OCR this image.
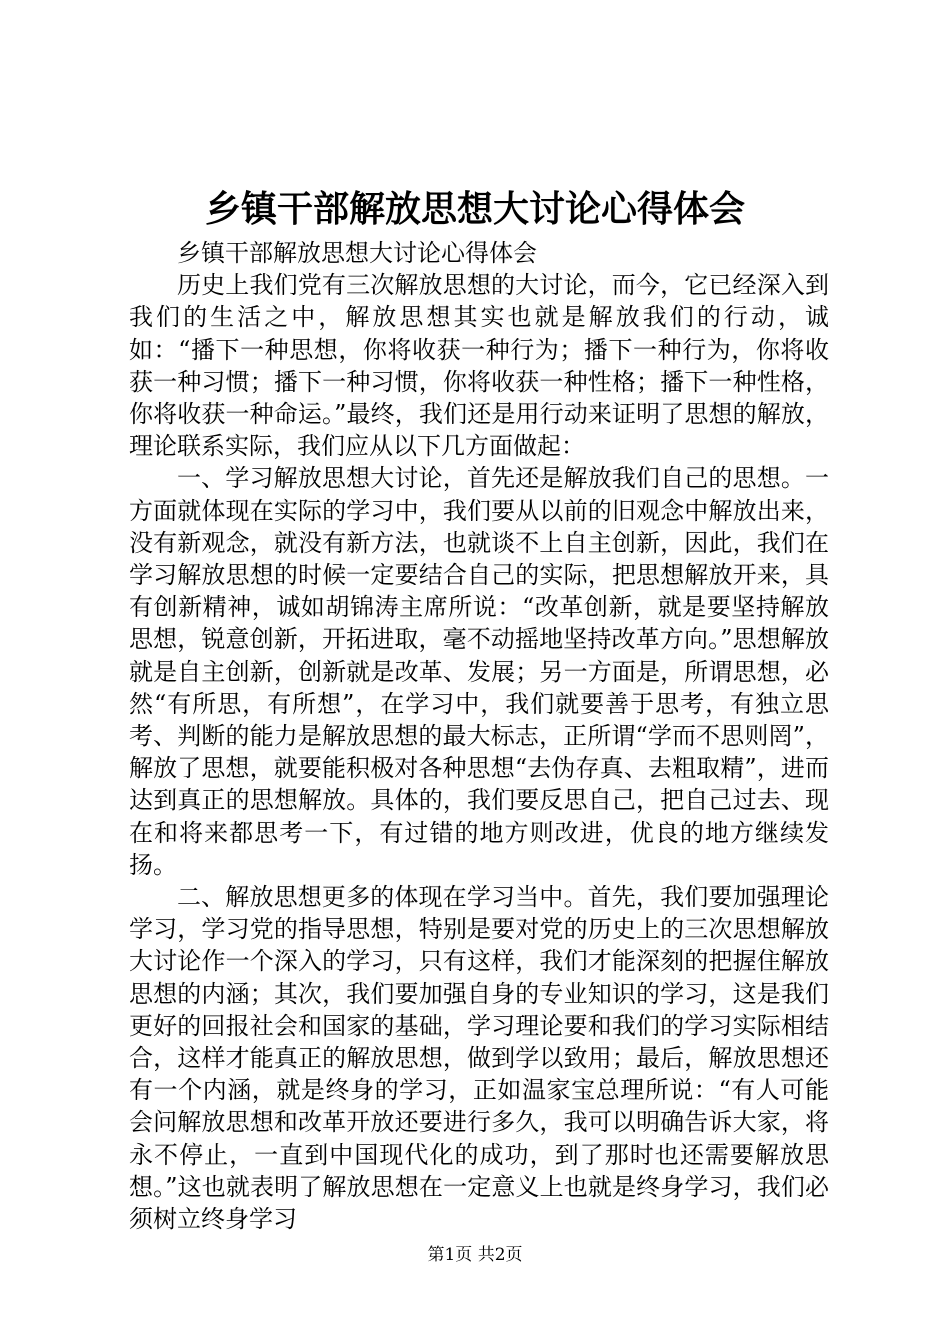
乡镇干部解放思想大讨论心得体会

乡镇干部解放思想大讨论心得体会

历史上我们党有三次解放思想的大讨论，而今，它已经深入到我们的生活之中，解放思想其实也就是解放我们的行动，诚如：“播下一种思想，你将收获一种行为；播下一种行为，你将收获一种习惯；播下一种习惯，你将收获一种性格；播下一种性格，你将收获一种命运。”最终，我们还是用行动来证明了思想的解放，理论联系实际，我们应从以下几方面做起：

一、学习解放思想大讨论，首先还是解放我们自己的思想。一方面就体现在实际的学习中，我们要从以前的旧观念中解放出来，没有新观念，就没有新方法，也就谈不上自主创新，因此，我们在学习解放思想的时候一定要结合自己的实际，把思想解放开来，具有创新精神，诚如胡锦涛主席所说：“改革创新，就是要坚持解放思想，锐意创新，开拓进取，毫不动摇地坚持改革方向。”思想解放就是自主创新，创新就是改革、发展；另一方面是，所谓思想，必然“有所思，有所想”，在学习中，我们就要善于思考，有独立思考、判断的能力是解放思想的最大标志，正所谓“学而不思则罔”，解放了思想，就要能积极对各种思想“去伪存真、去粗取精”，进而达到真正的思想解放。具体的，我们要反思自己，把自己过去、现在和将来都思考一下，有过错的地方则改进，优良的地方继续发扬。

二、解放思想更多的体现在学习当中。首先，我们要加强理论学习，学习党的指导思想，特别是要对党的历史上的三次思想解放大讨论作一个深入的学习，只有这样，我们才能深刻的把握住解放思想的内涵；其次，我们要加强自身的专业知识的学习，这是我们更好的回报社会和国家的基础，学习理论要和我们的学习实际相结合，这样才能真正的解放思想，做到学以致用；最后，解放思想还有一个内涵，就是终身的学习，正如温家宝总理所说：“有人可能会问解放思想和改革开放还要进行多久，我可以明确告诉大家，将永不停止，一直到中国现代化的成功，到了那时也还需要解放思想。”这也就表明了解放思想在一定意义上也就是终身学习，我们必须树立终身学习

第1页 共2页
